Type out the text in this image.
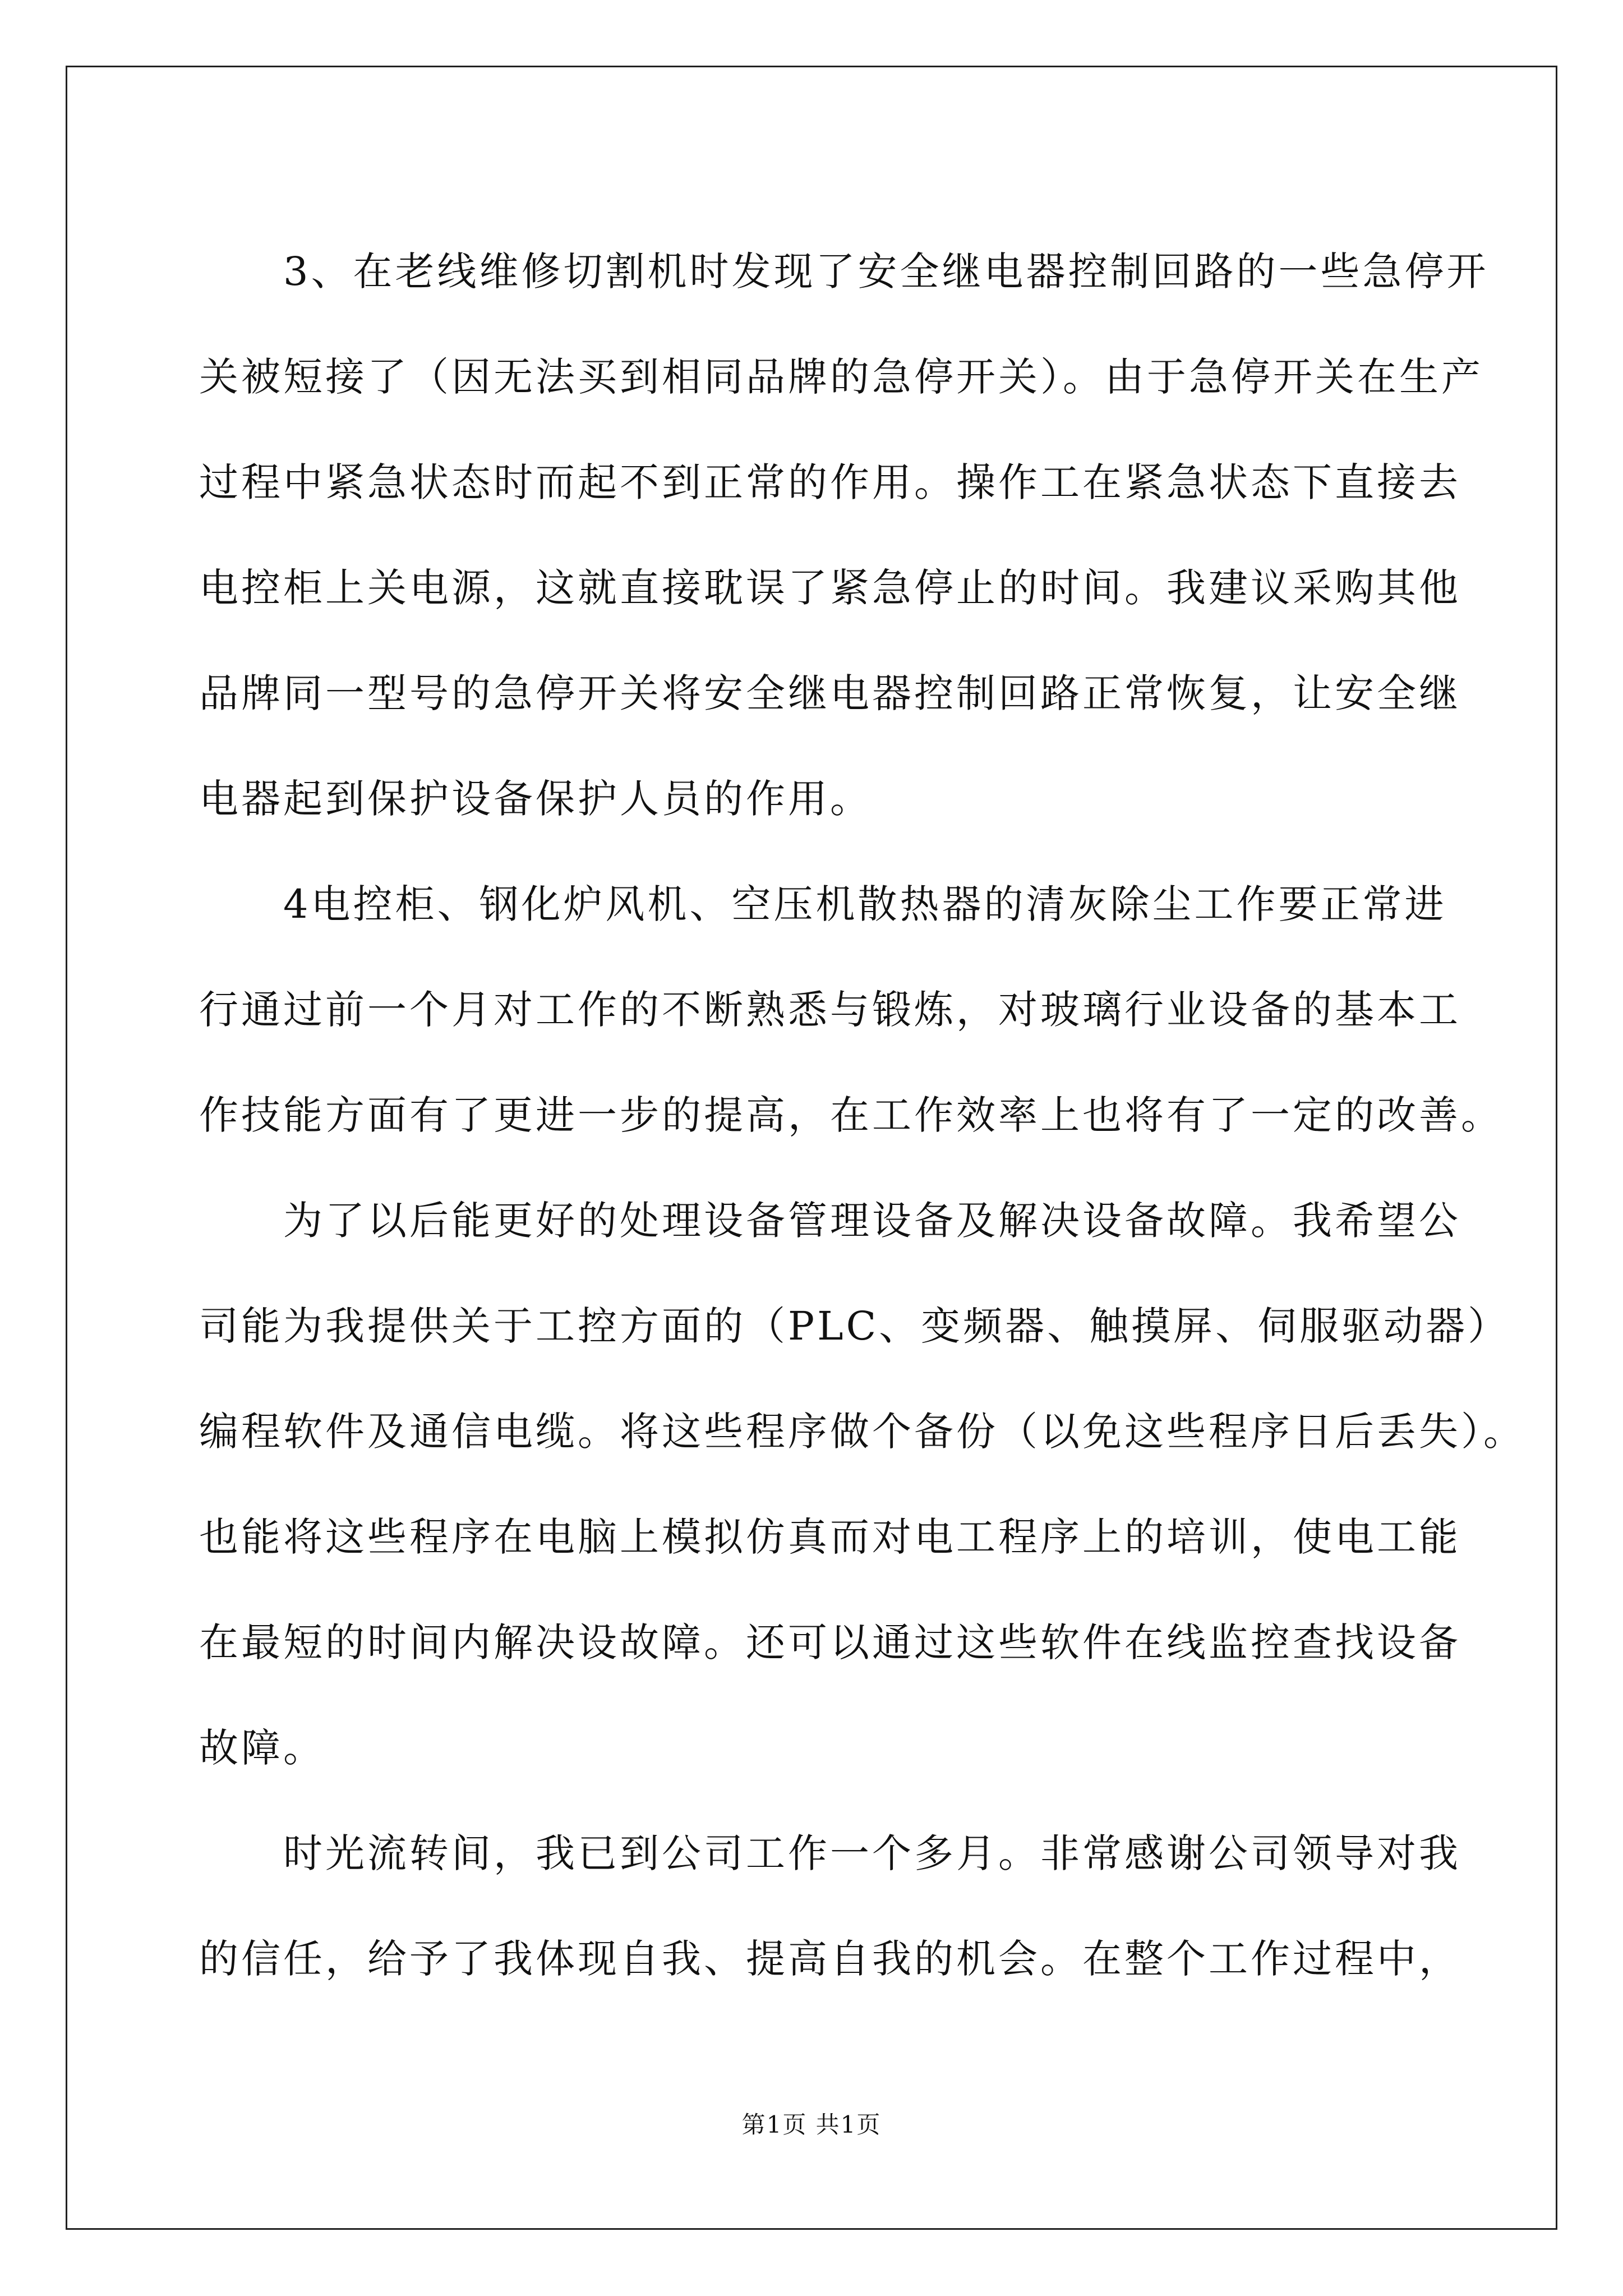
3、在老线维修切割机时发现了安全继电器控制回路的一些急停开
关被短接了（因无法买到相同品牌的急停开关）。由于急停开关在生产
过程中紧急状态时而起不到正常的作用。操作工在紧急状态下直接去
电控柜上关电源，这就直接耽误了紧急停止的时间。我建议采购其他
品牌同一型号的急停开关将安全继电器控制回路正常恢复，让安全继
电器起到保护设备保护人员的作用。
4电控柜、钢化炉风机、空压机散热器的清灰除尘工作要正常进
行通过前一个月对工作的不断熟悉与锻炼，对玻璃行业设备的基本工
作技能方面有了更进一步的提高，在工作效率上也将有了一定的改善。
为了以后能更好的处理设备管理设备及解决设备故障。我希望公
司能为我提供关于工控方面的（PLC、变频器、触摸屏、伺服驱动器）
编程软件及通信电缆。将这些程序做个备份（以免这些程序日后丢失）。
也能将这些程序在电脑上模拟仿真而对电工程序上的培训，使电工能
在最短的时间内解决设故障。还可以通过这些软件在线监控查找设备
故障。
时光流转间，我已到公司工作一个多月。非常感谢公司领导对我
的信任，给予了我体现自我、提高自我的机会。在整个工作过程中，
第1页 共1页
